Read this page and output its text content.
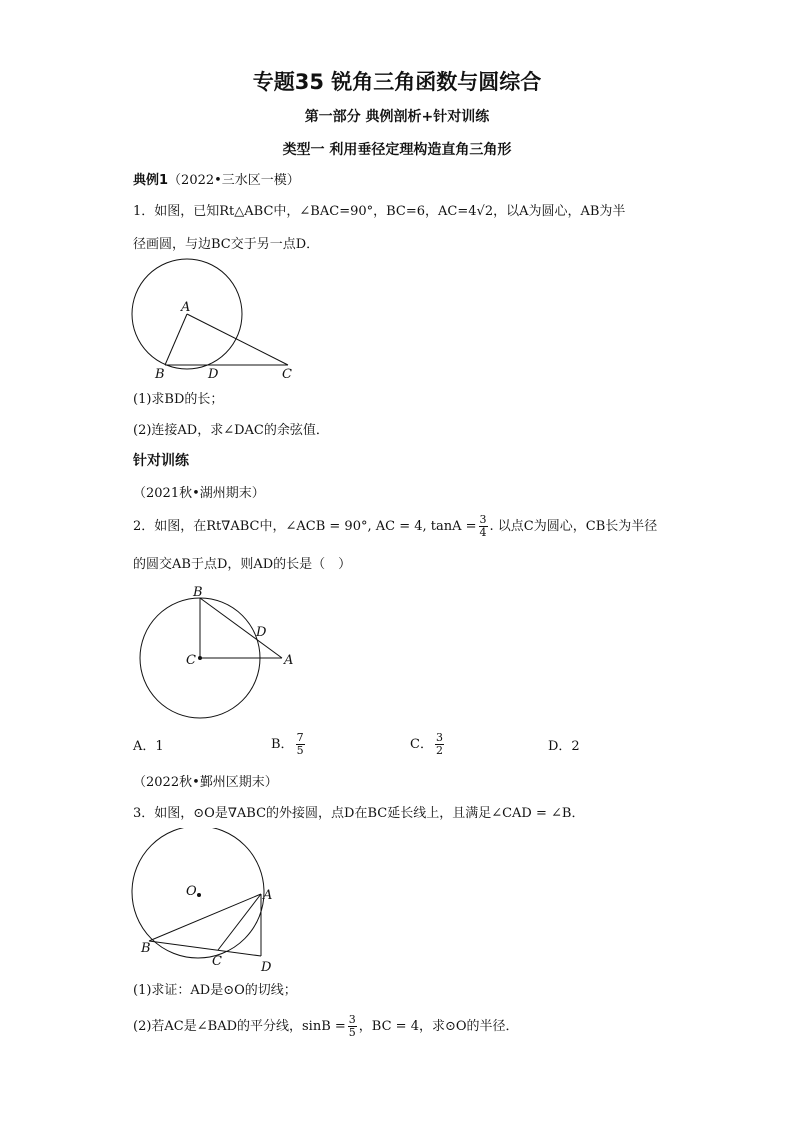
专题35 锐角三角函数与圆综合
第一部分 典例剖析+针对训练
类型一 利用垂径定理构造直角三角形
典例1（2022•三水区一模）
1．如图，已知Rt△ABC中，∠BAC=90°，BC=6，AC=4√2，以A为圆心，AB为半
径画圆，与边BC交于另一点D．
A
B	D	C
(1)求BD的长；
(2)连接AD，求∠DAC的余弦值．
针对训练
（2021秋•湖州期末）
2．如图，在Rt∇ABC中，∠ACB = 90°, AC = 4, $\tan A = \frac{3}{4}$ . 以点C为圆心，CB长为半径
的圆交AB于点D，则AD的长是（　）
B
C
D
A
A．1	B． $\frac{7}{5}$	C． $\frac{3}{2}$	D．2
（2022秋•鄞州区期末）
3．如图，⊙O是∇ABC的外接圆，点D在BC延长线上，且满足∠CAD = ∠B．
O	A
B
C	D
(1)求证：AD是⊙O的切线；
(2)若AC是∠BAD的平分线，$\sin B = \frac{3}{5}$ ，BC = 4，求⊙O的半径．
